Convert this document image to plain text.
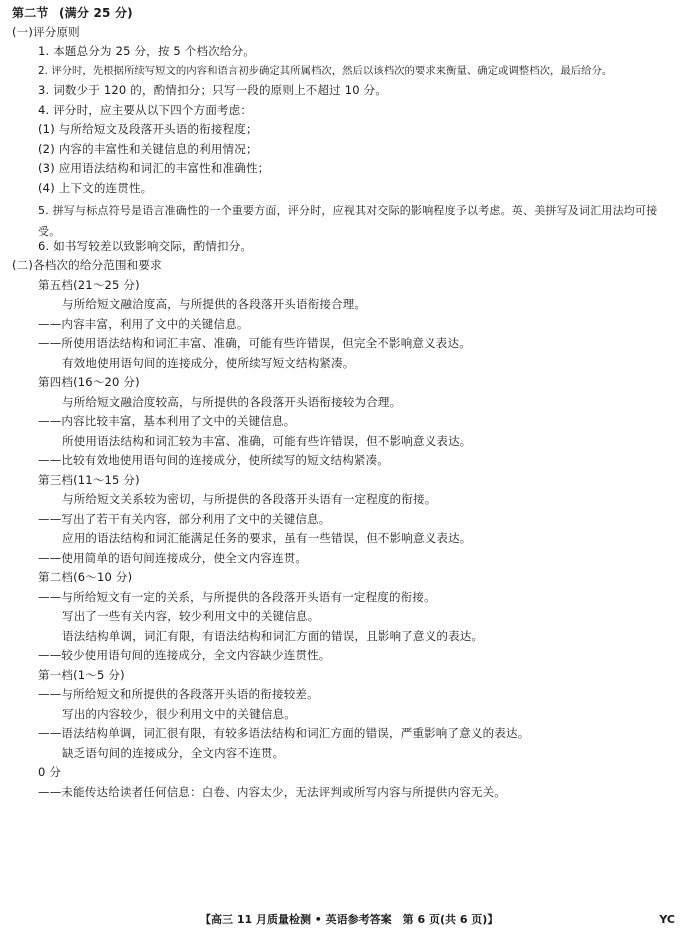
第二节 (满分 25 分)
(一)评分原则
1. 本题总分为 25 分，按 5 个档次给分。
2. 评分时，先根据所续写短文的内容和语言初步确定其所属档次，然后以该档次的要求来衡量、确定或调整档次，最后给分。
3. 词数少于 120 的，酌情扣分；只写一段的原则上不超过 10 分。
4. 评分时，应主要从以下四个方面考虑：
(1) 与所给短文及段落开头语的衔接程度；
(2) 内容的丰富性和关键信息的利用情况；
(3) 应用语法结构和词汇的丰富性和准确性；
(4) 上下文的连贯性。
5. 拼写与标点符号是语言准确性的一个重要方面，评分时，应视其对交际的影响程度予以考虑。英、美拼写及词汇用法均可接受。
6. 如书写较差以致影响交际，酌情扣分。
(二)各档次的给分范围和要求
第五档(21～25 分)
与所给短文融洽度高，与所提供的各段落开头语衔接合理。
——内容丰富，利用了文中的关键信息。
——所使用语法结构和词汇丰富、准确，可能有些许错误，但完全不影响意义表达。
有效地使用语句间的连接成分，使所续写短文结构紧凑。
第四档(16～20 分)
与所给短文融洽度较高，与所提供的各段落开头语衔接较为合理。
——内容比较丰富，基本利用了文中的关键信息。
所使用语法结构和词汇较为丰富、准确，可能有些许错误，但不影响意义表达。
——比较有效地使用语句间的连接成分，使所续写的短文结构紧凑。
第三档(11～15 分)
与所给短文关系较为密切，与所提供的各段落开头语有一定程度的衔接。
——写出了若干有关内容，部分利用了文中的关键信息。
应用的语法结构和词汇能满足任务的要求，虽有一些错误，但不影响意义表达。
——使用简单的语句间连接成分，使全文内容连贯。
第二档(6～10 分)
——与所给短文有一定的关系，与所提供的各段落开头语有一定程度的衔接。
写出了一些有关内容，较少利用文中的关键信息。
语法结构单调，词汇有限，有语法结构和词汇方面的错误，且影响了意义的表达。
——较少使用语句间的连接成分，全文内容缺少连贯性。
第一档(1～5 分)
——与所给短文和所提供的各段落开头语的衔接较差。
写出的内容较少，很少利用文中的关键信息。
——语法结构单调，词汇很有限，有较多语法结构和词汇方面的错误，严重影响了意义的表达。
缺乏语句间的连接成分，全文内容不连贯。
0 分
——未能传达给读者任何信息：白卷、内容太少，无法评判或所写内容与所提供内容无关。
【高三 11 月质量检测 • 英语参考答案　第 6 页(共 6 页)】	YC
